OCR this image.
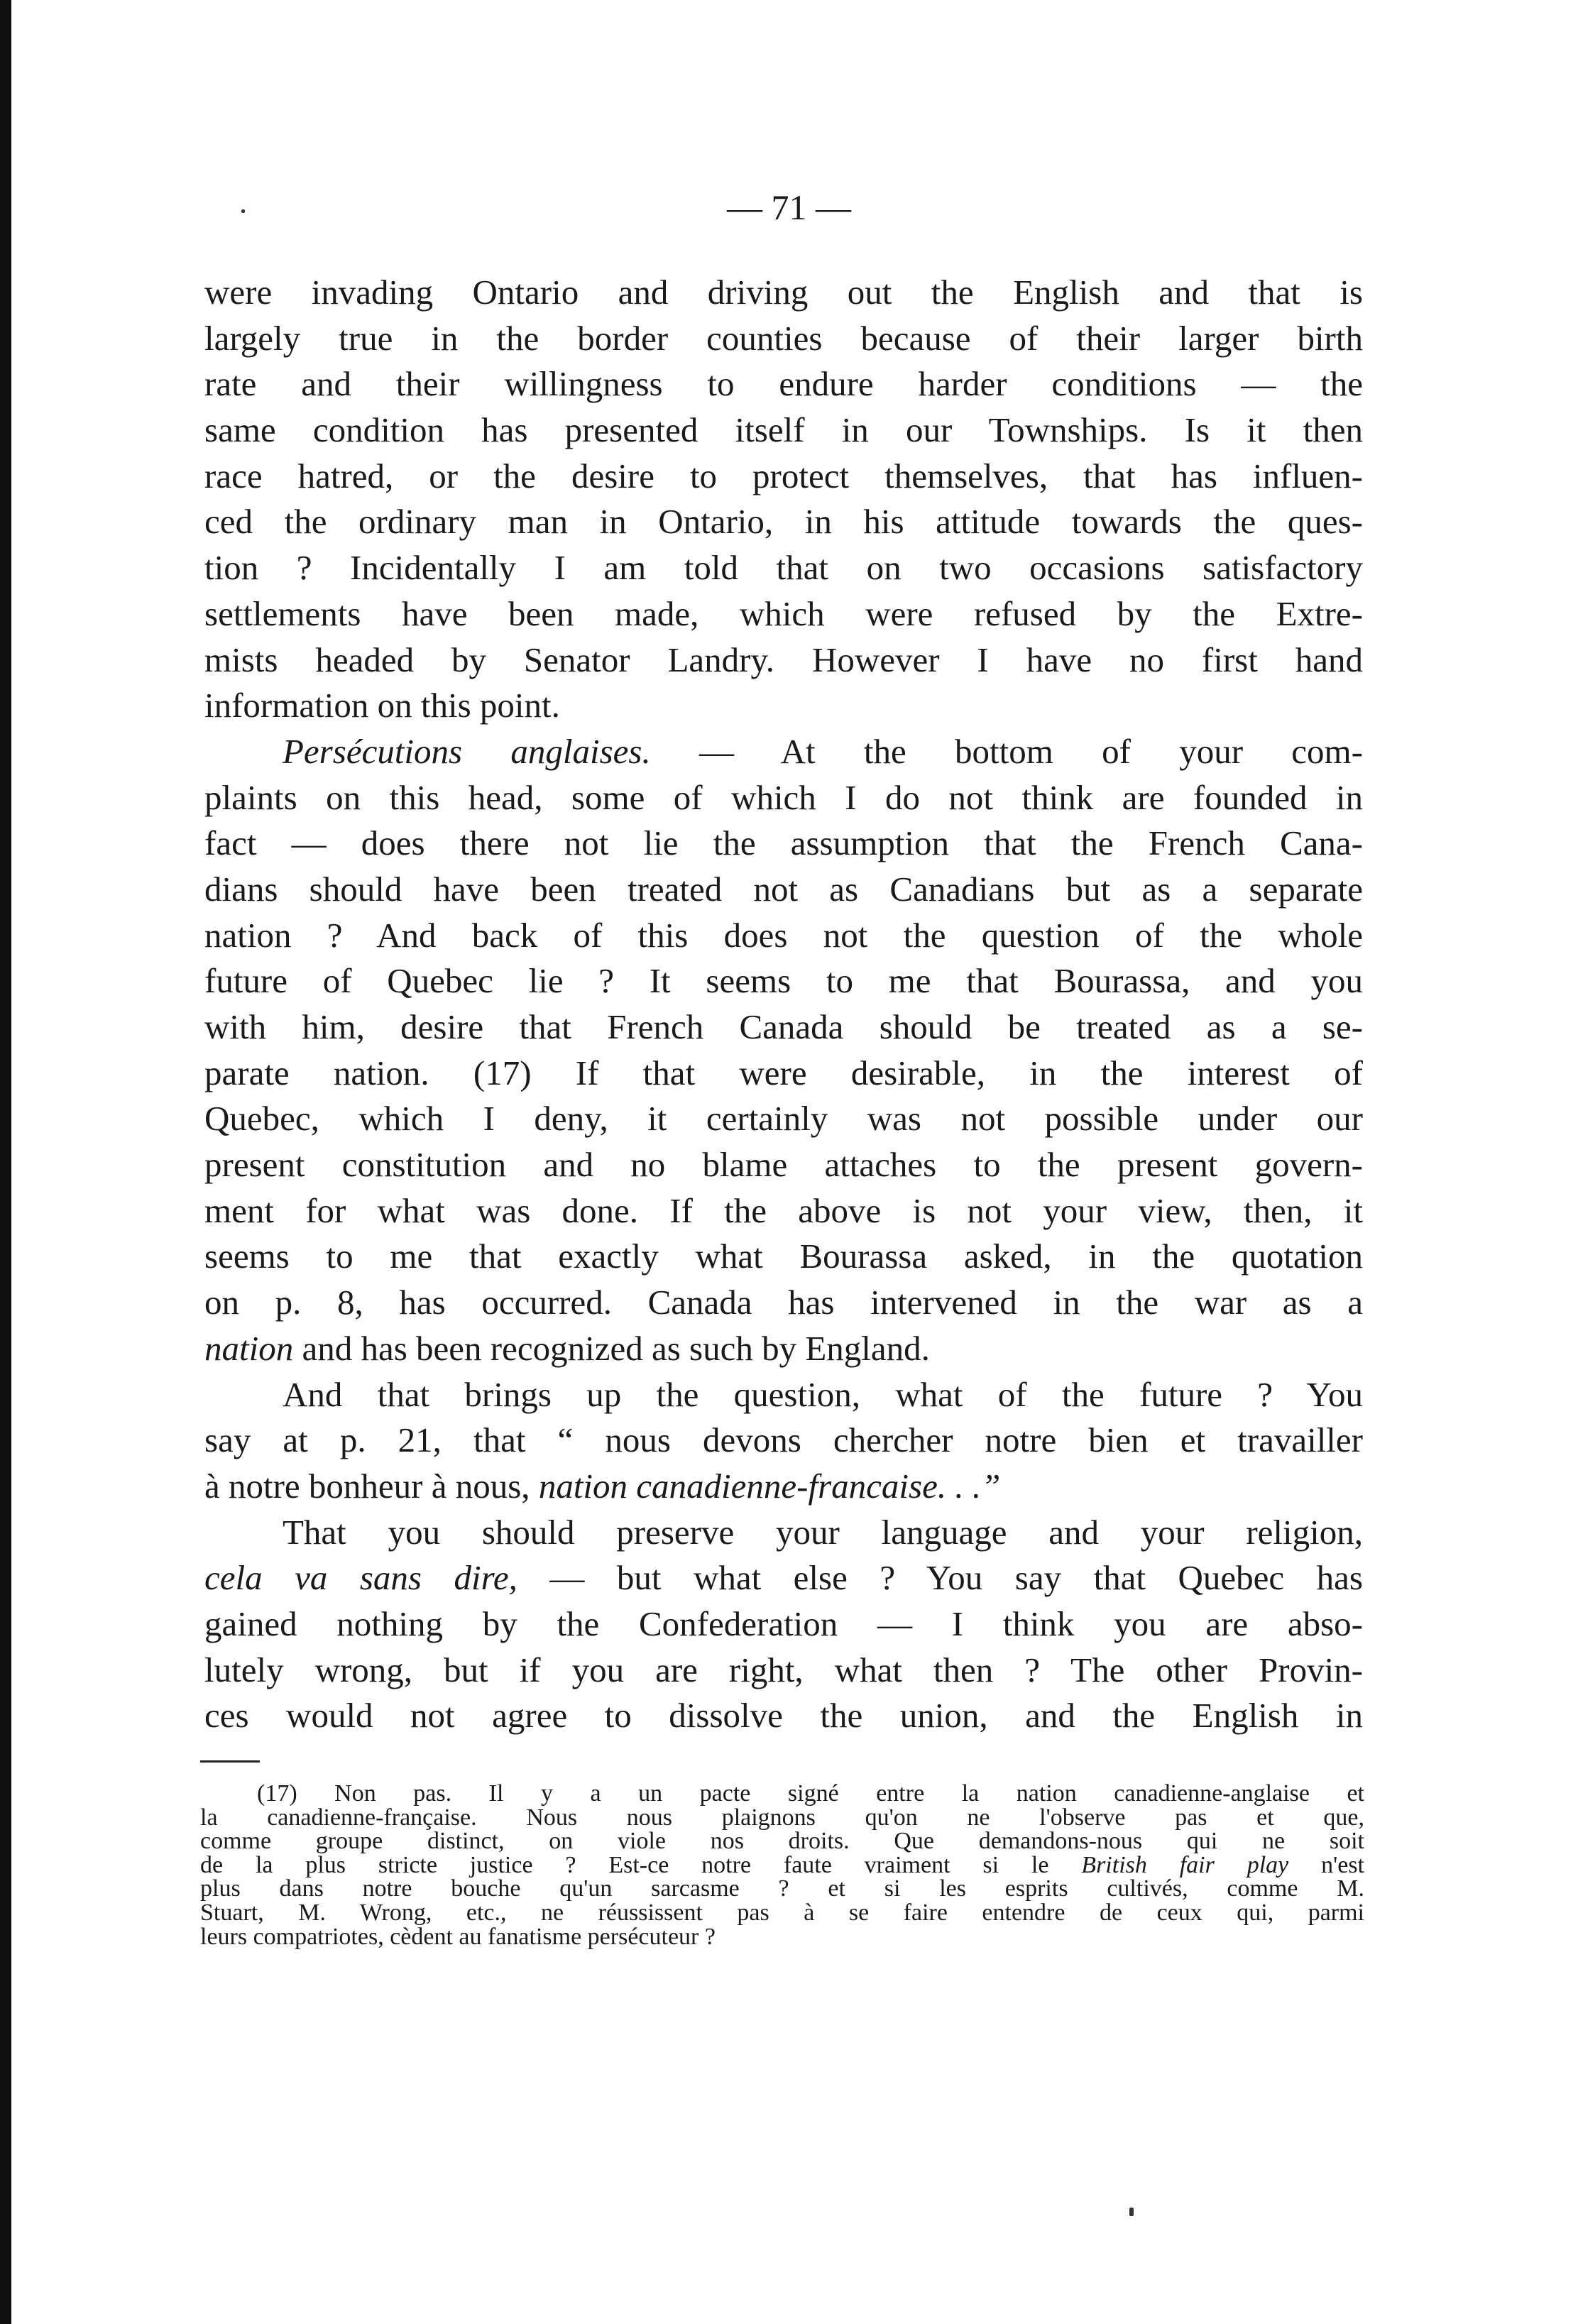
— 71 —
were invading Ontario and driving out the English and that is
largely true in the border counties because of their larger birth
rate and their willingness to endure harder conditions — the
same condition has presented itself in our Townships. Is it then
race hatred, or the desire to protect themselves, that has influen-
ced the ordinary man in Ontario, in his attitude towards the ques-
tion ? Incidentally I am told that on two occasions satisfactory
settlements have been made, which were refused by the Extre-
mists headed by Senator Landry. However I have no first hand
information on this point.
Persécutions anglaises. — At the bottom of your com-
plaints on this head, some of which I do not think are founded in
fact — does there not lie the assumption that the French Cana-
dians should have been treated not as Canadians but as a separate
nation ? And back of this does not the question of the whole
future of Quebec lie ? It seems to me that Bourassa, and you
with him, desire that French Canada should be treated as a se-
parate nation. (17) If that were desirable, in the interest of
Quebec, which I deny, it certainly was not possible under our
present constitution and no blame attaches to the present govern-
ment for what was done. If the above is not your view, then, it
seems to me that exactly what Bourassa asked, in the quotation
on p. 8, has occurred. Canada has intervened in the war as a
nation and has been recognized as such by England.
And that brings up the question, what of the future ? You
say at p. 21, that “ nous devons chercher notre bien et travailler
à notre bonheur à nous, nation canadienne-francaise. . .”
That you should preserve your language and your religion,
cela va sans dire, — but what else ? You say that Quebec has
gained nothing by the Confederation — I think you are abso-
lutely wrong, but if you are right, what then ? The other Provin-
ces would not agree to dissolve the union, and the English in
(17) Non pas. Il y a un pacte signé entre la nation canadienne-anglaise et
la canadienne-française. Nous nous plaignons qu'on ne l'observe pas et que,
comme groupe distinct, on viole nos droits. Que demandons-nous qui ne soit
de la plus stricte justice ? Est-ce notre faute vraiment si le British fair play n'est
plus dans notre bouche qu'un sarcasme ? et si les esprits cultivés, comme M.
Stuart, M. Wrong, etc., ne réussissent pas à se faire entendre de ceux qui, parmi
leurs compatriotes, cèdent au fanatisme persécuteur ?
